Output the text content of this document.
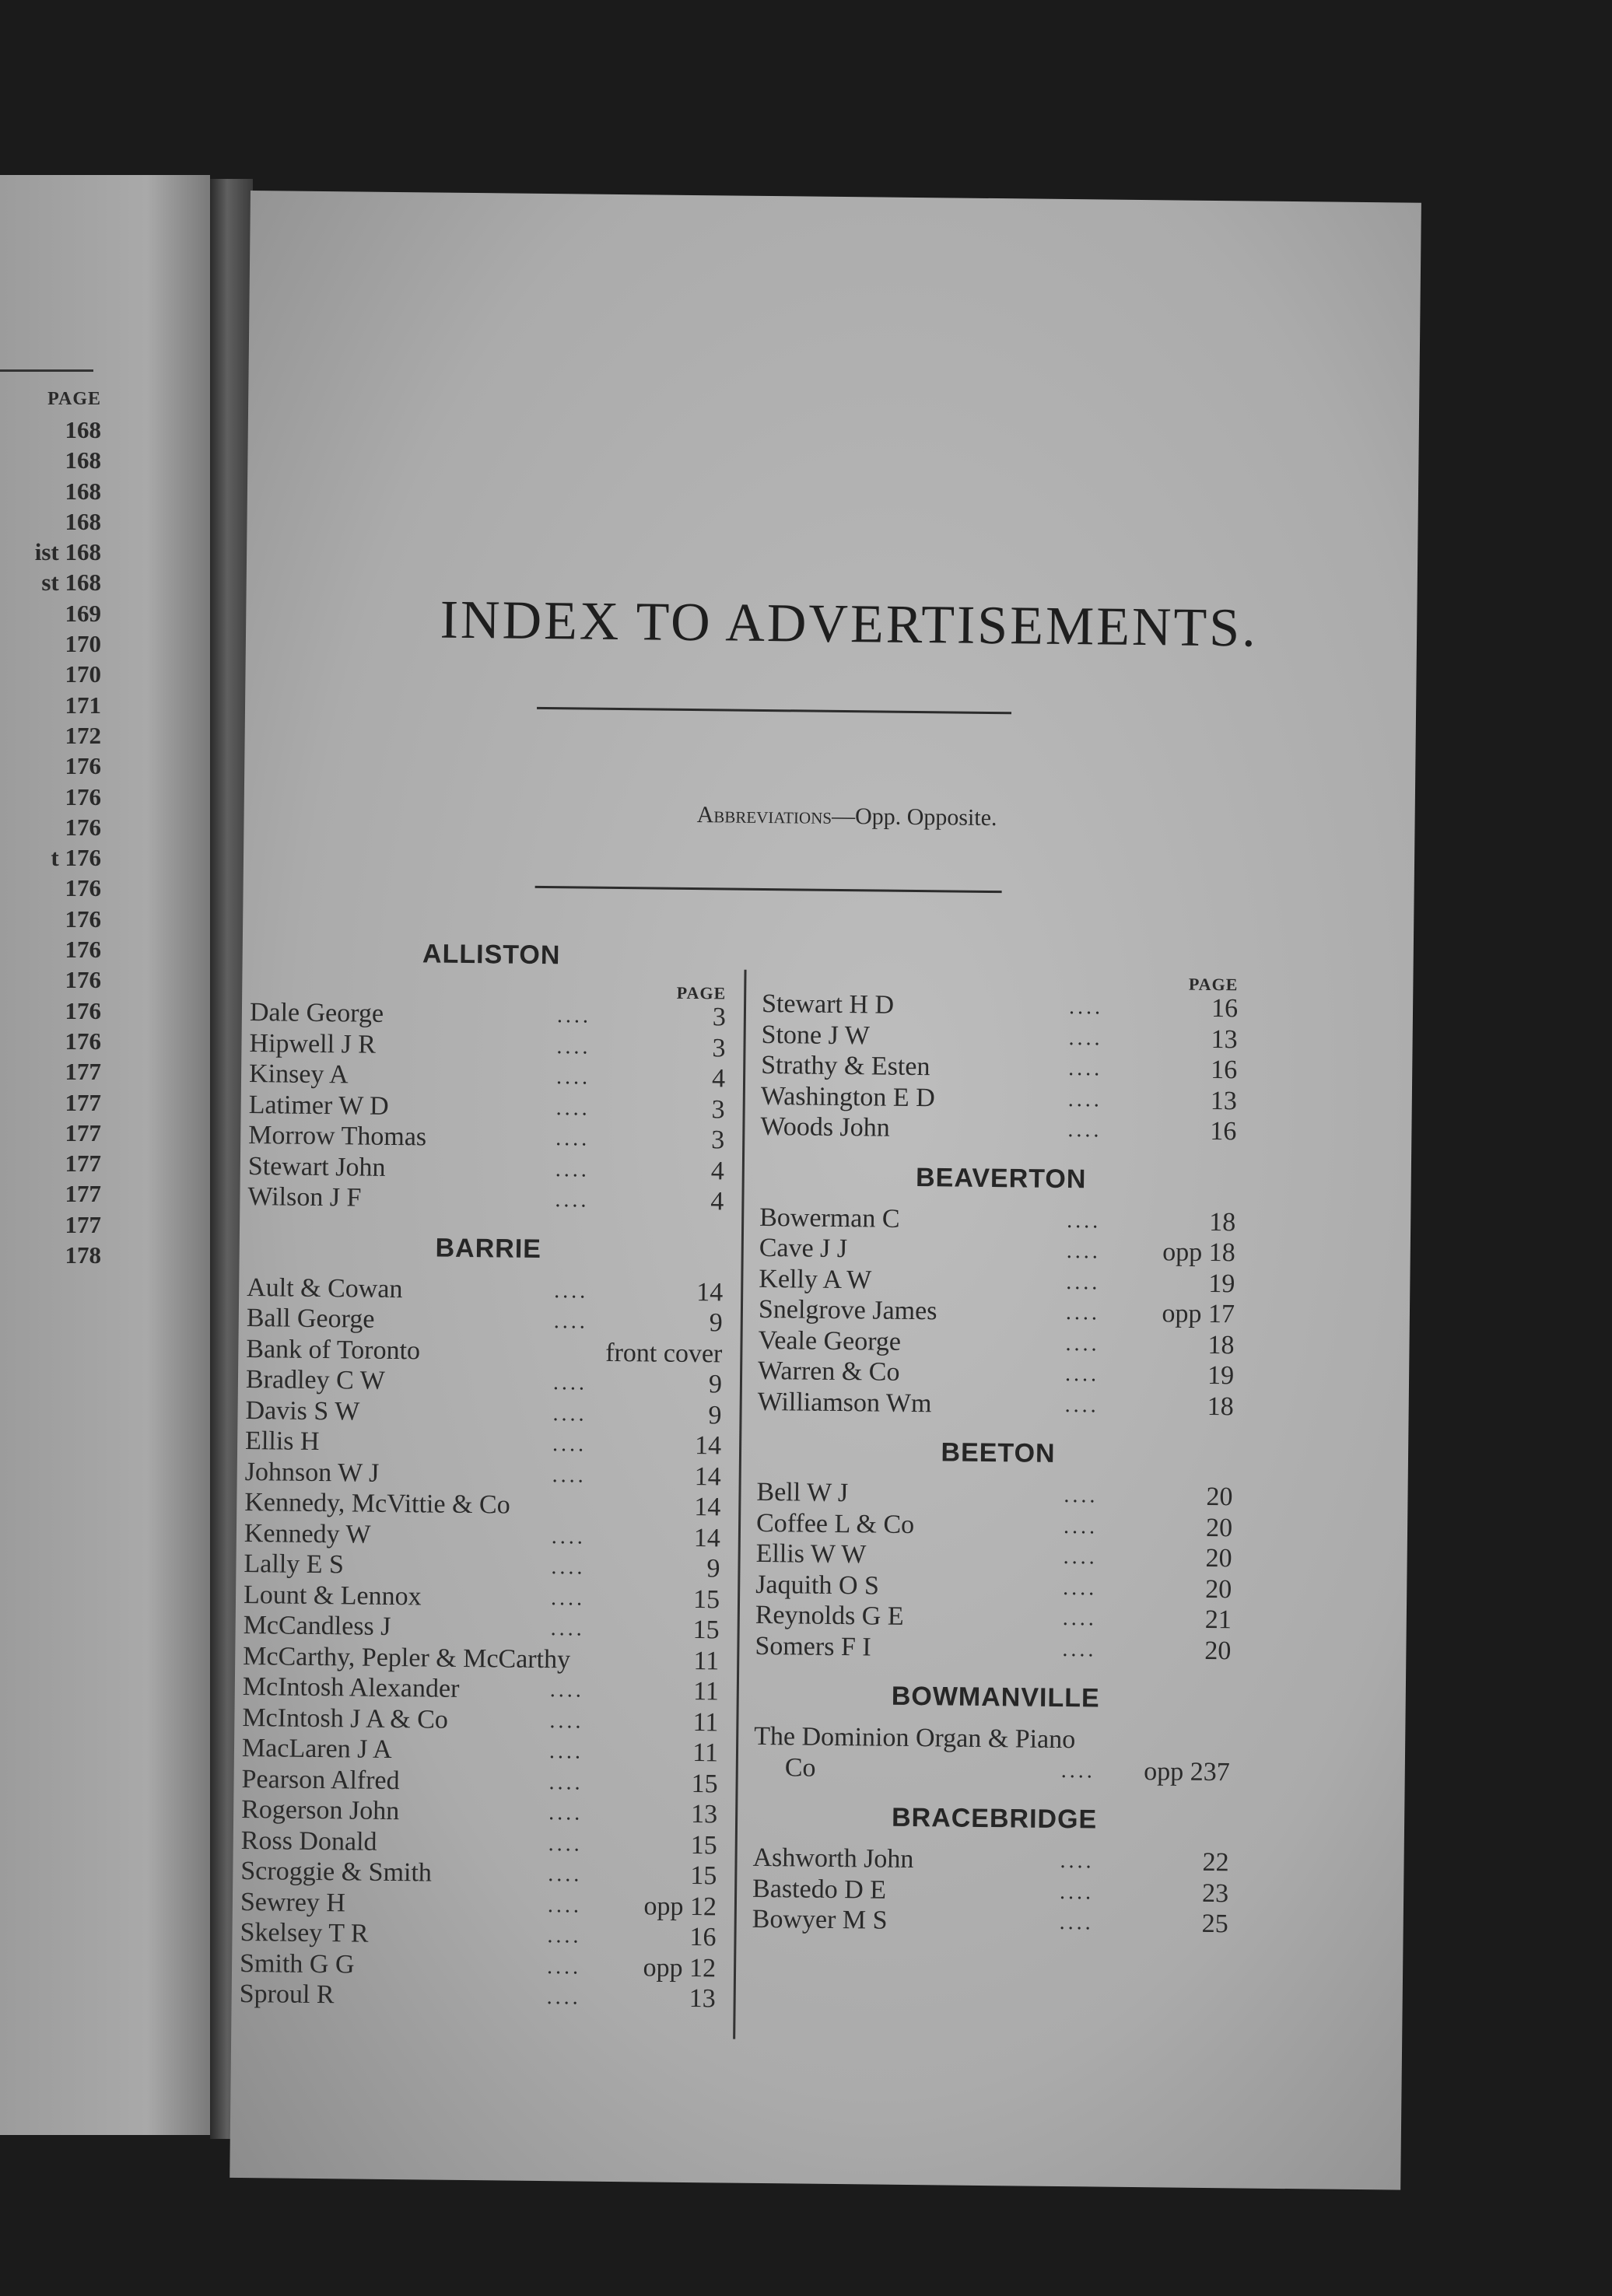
PAGE
168
168
168
168
ist 168
st 168
169
170
170
171
172
176
176
176
t 176
176
176
176
176
176
176
177
177
177
177
177
177
178
INDEX TO ADVERTISEMENTS.
Abbreviations—Opp. Opposite.
ALLISTON
PAGE
Dale George	....	3
Hipwell J R	....	3
Kinsey A	....	4
Latimer W D	....	3
Morrow Thomas	....	3
Stewart John	....	4
Wilson J F	....	4
BARRIE
Ault & Cowan	....	14
Ball George	....	9
Bank of Toronto	front cover
Bradley C W	....	9
Davis S W	....	9
Ellis H	....	14
Johnson W J	....	14
Kennedy, McVittie & Co	14
Kennedy W	....	14
Lally E S	....	9
Lount & Lennox	....	15
McCandless J	....	15
McCarthy, Pepler & McCarthy	11
McIntosh Alexander	....	11
McIntosh J A & Co	....	11
MacLaren J A	....	11
Pearson Alfred	....	15
Rogerson John	....	13
Ross Donald	....	15
Scroggie & Smith	....	15
Sewrey H	.... opp 12
Skelsey T R	....	16
Smith G G	.... opp 12
Sproul R	....	13
PAGE
Stewart H D	....	16
Stone J W	....	13
Strathy & Esten	....	16
Washington E D	....	13
Woods John	....	16
BEAVERTON
Bowerman C	....	18
Cave J J	.... opp 18
Kelly A W	....	19
Snelgrove James	.... opp 17
Veale George	....	18
Warren & Co	....	19
Williamson Wm	....	18
BEETON
Bell W J	....	20
Coffee L & Co	....	20
Ellis W W	....	20
Jaquith O S	....	20
Reynolds G E	....	21
Somers F I	....	20
BOWMANVILLE
The Dominion Organ & Piano
Co	.... opp 237
BRACEBRIDGE
Ashworth John	....	22
Bastedo D E	....	23
Bowyer M S	....	25
